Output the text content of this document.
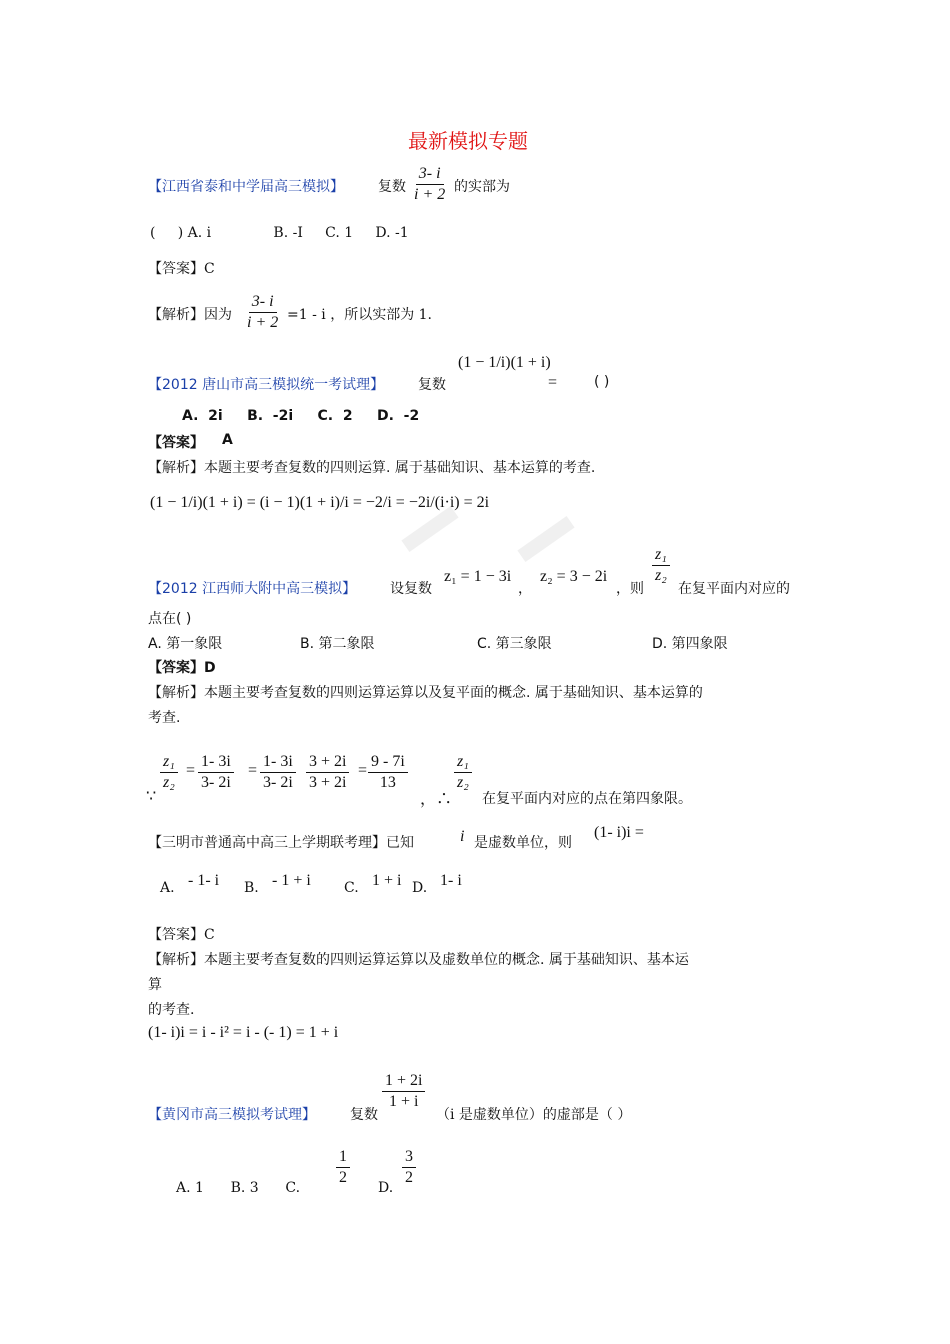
最新模拟专题
【江西省泰和中学届高三模拟】 复数 $\frac{3- i}{i + 2}$ 的实部为
(     ) A. i              B. -I     C. 1     D. -1
【答案】C
【解析】因为 $\frac{3- i}{i + 2} =1 - i$ ，所以实部为 1.
【2012 唐山市高三模拟统一考试理】 复数
(1 − 1/i)(1 + i)
=	( )
A.  2i     B.  -2i     C.  2     D.  -2
【答案】 A
【解析】本题主要考查复数的四则运算. 属于基础知识、基本运算的考查.
(1 − 1/i)(1 + i) = (i − 1)(1 + i)/i = −2/i = −2i/(i·i) = 2i
【2012 江西师大附中高三模拟】 设复数
z₁ = 1 − 3i
，
z₂ = 3 − 2i
，则
$\frac{\text{z₁}}{\text{z₂}}$
在复平面内对应的
点在( )
A. 第一象限	B. 第二象限	C. 第三象限	D. 第四象限
【答案】D
【解析】本题主要考查复数的四则运算运算以及复平面的概念. 属于基础知识、基本运算的
考查.
∵
$\frac{\text{z₁}}{\text{z₂}} = \frac{1- 3i}{3- 2i} = \frac{1- 3i}{3- 2i} \frac{3 + 2i}{3 + 2i} = \frac{9 - 7i}{13}$
，∴
$\frac{\text{z₁}}{\text{z₂}}$
在复平面内对应的点在第四象限。
【三明市普通高中高三上学期联考理】已知	i 是虚数单位，则
(1- i)i =
A. - 1- i B. - 1 + i C. 1 + i D. 1- i
【答案】C
【解析】本题主要考查复数的四则运算运算以及虚数单位的概念. 属于基础知识、基本运
算
的考查.
(1- i)i = i - i² = i - (- 1) = 1 + i
【黄冈市高三模拟考试理】 复数
$\frac{1 + 2i}{1 + i}$
（i 是虚数单位）的虚部是（ ）
A. 1      B. 3      C. $\frac{1}{2} D$. $\frac{3}{2}$
